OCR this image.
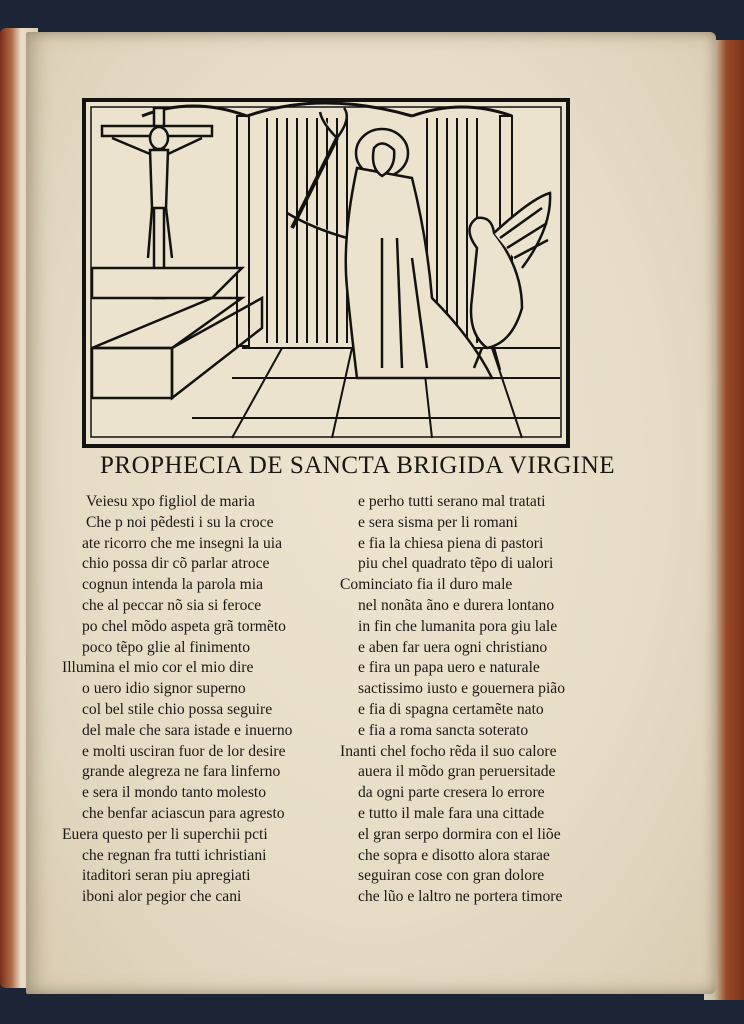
PROPHECIA DE SANCTA BRIGIDA VIRGINE
Veiesu xpo figliol de maria
Che p noi pẽdesti i su la croce
ate ricorro che me insegni la uia
chio possa dir cõ parlar atroce
cognun intenda la parola mia
che al peccar nõ sia si feroce
po chel mõdo aspeta grã tormẽto
poco tẽpo glie al finimento
Illumina el mio cor el mio dire
o uero idio signor superno
col bel stile chio possa seguire
del male che sara istade e inuerno
e molti usciran fuor de lor desire
grande alegreza ne fara linferno
e sera il mondo tanto molesto
che benfar aciascun para agresto
Euera questo per li superchii pcti
che regnan fra tutti ichristiani
itaditori seran piu apregiati
iboni alor pegior che cani
e perho tutti serano mal tratati
e sera sisma per li romani
e fia la chiesa piena di pastori
piu chel quadrato tẽpo di ualori
Cominciato fia il duro male
nel nonãta ãno e durera lontano
in fin che lumanita pora giu lale
e aben far uera ogni christiano
e fira un papa uero e naturale
sactissimo iusto e gouernera pião
e fia di spagna certamẽte nato
e fia a roma sancta soterato
Inanti chel focho rẽda il suo calore
auera il mõdo gran peruersitade
da ogni parte cresera lo errore
e tutto il male fara una cittade
el gran serpo dormira con el liõe
che sopra e disotto alora starae
seguiran cose con gran dolore
che lũo e laltro ne portera timore
